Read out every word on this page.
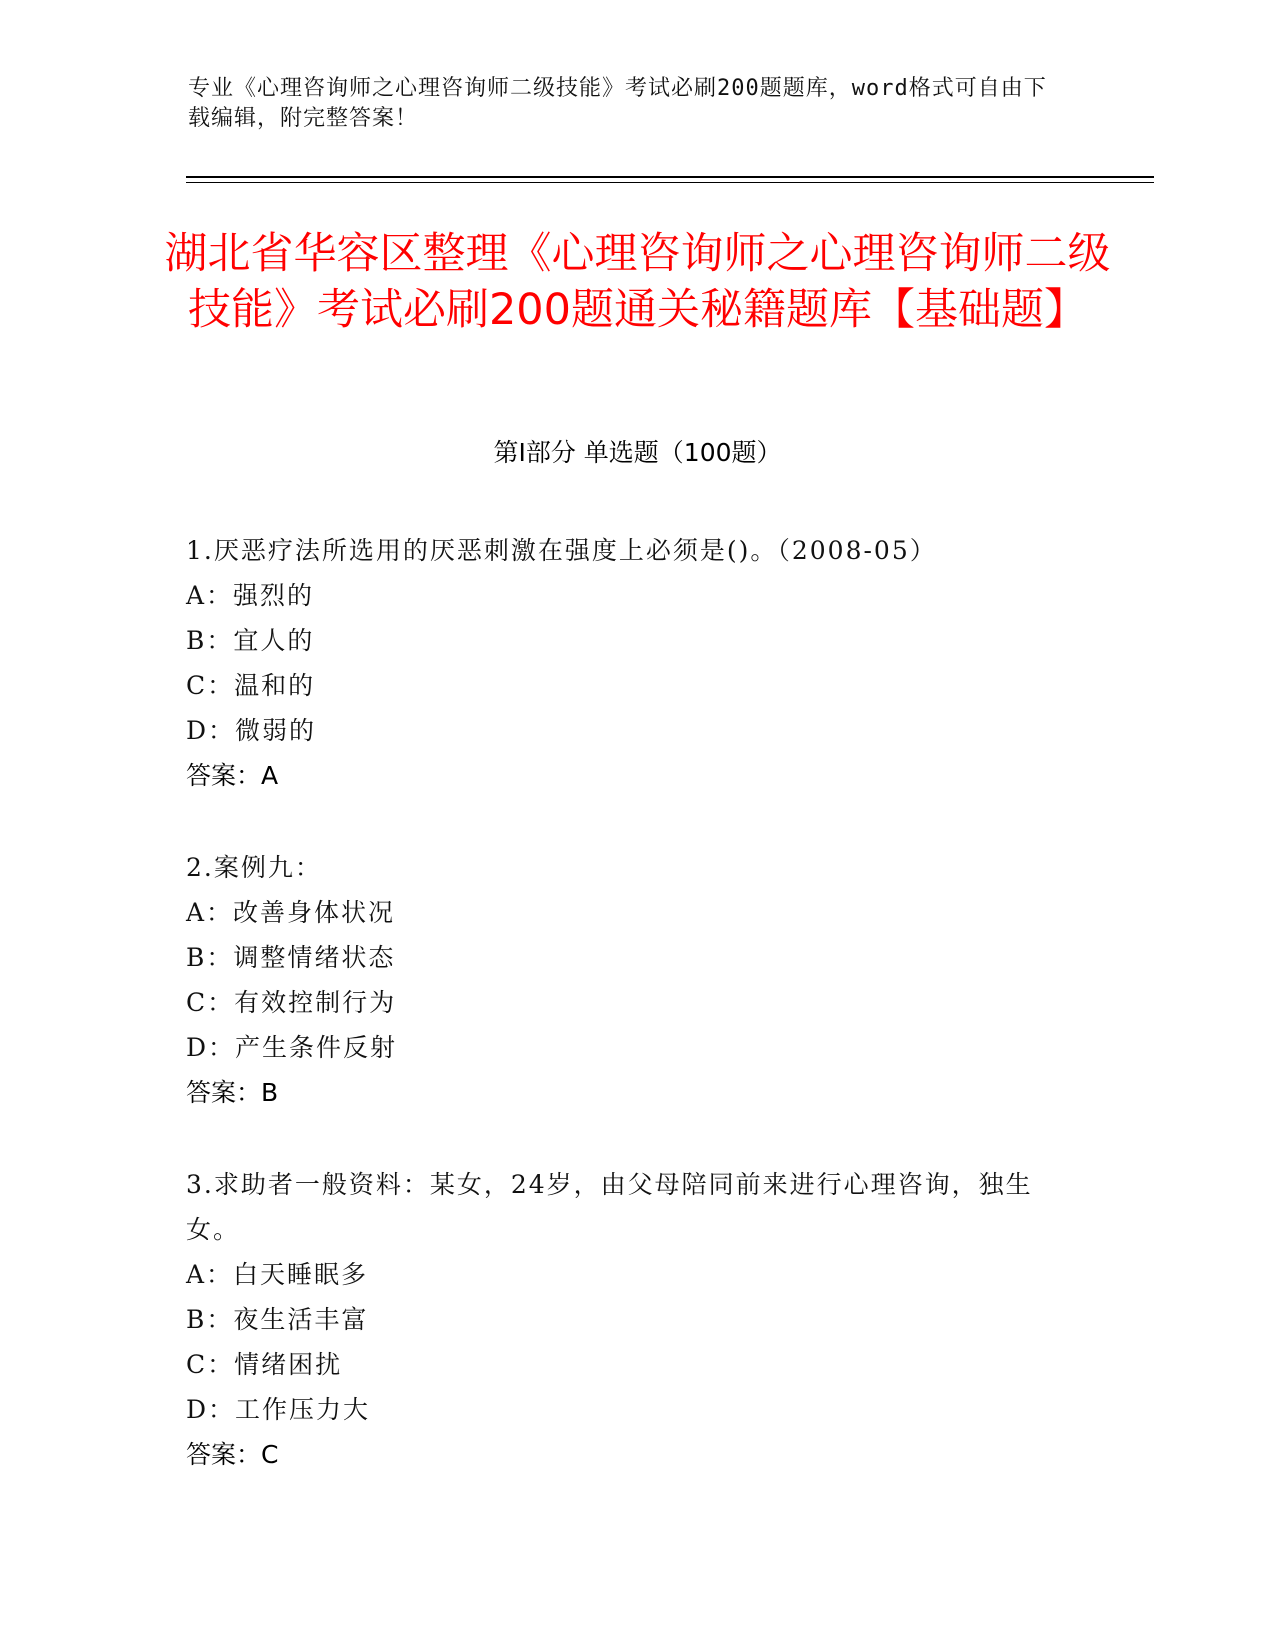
专业《心理咨询师之心理咨询师二级技能》考试必刷200题题库，word格式可自由下载编辑，附完整答案！
湖北省华容区整理《心理咨询师之心理咨询师二级技能》考试必刷200题通关秘籍题库【基础题】
第Ⅰ部分 单选题（100题）
1.厌恶疗法所选用的厌恶刺激在强度上必须是()。（2008-05）
A：强烈的
B：宜人的
C：温和的
D：微弱的
答案：A
2.案例九：
A：改善身体状况
B：调整情绪状态
C：有效控制行为
D：产生条件反射
答案：B
3.求助者一般资料：某女，24岁，由父母陪同前来进行心理咨询，独生女。
A：白天睡眠多
B：夜生活丰富
C：情绪困扰
D：工作压力大
答案：C
